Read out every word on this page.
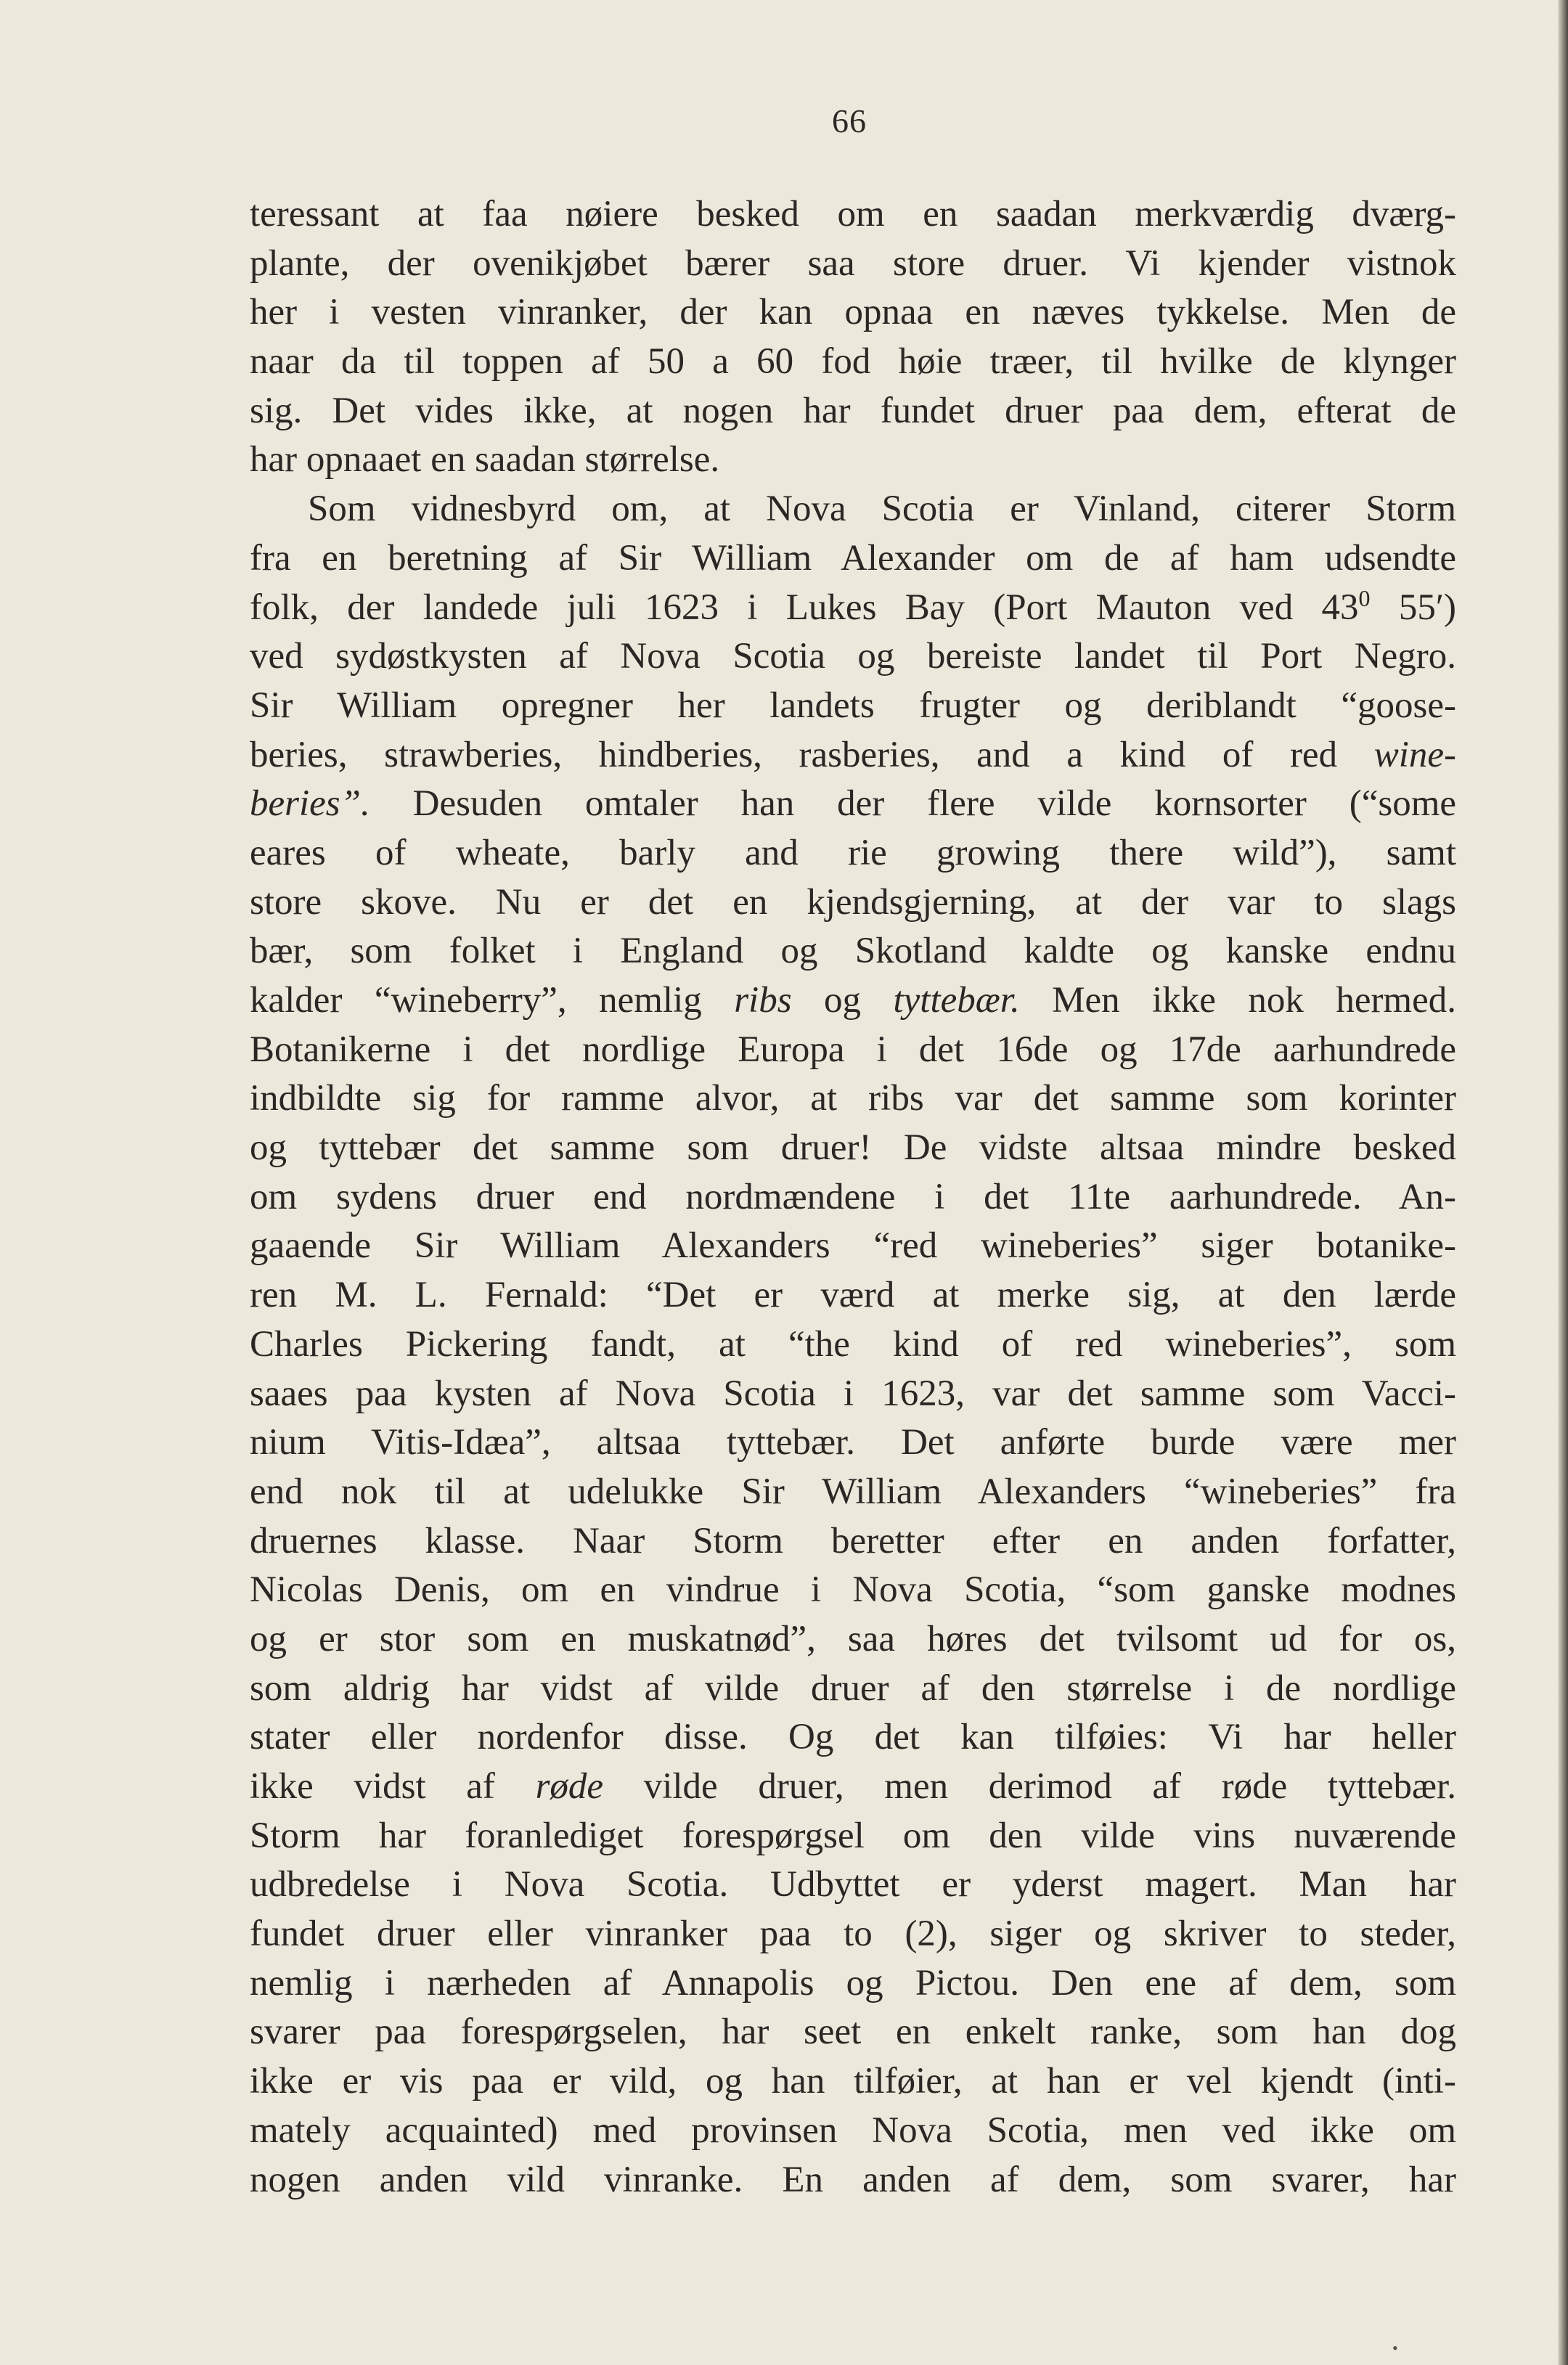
66
teressant at faa nøiere besked om en saadan merkværdig dværg-
plante, der ovenikjøbet bærer saa store druer. Vi kjender vistnok
her i vesten vinranker, der kan opnaa en næves tykkelse. Men de
naar da til toppen af 50 a 60 fod høie træer, til hvilke de klynger
sig. Det vides ikke, at nogen har fundet druer paa dem, efterat de
har opnaaet en saadan størrelse.
Som vidnesbyrd om, at Nova Scotia er Vinland, citerer Storm
fra en beretning af Sir William Alexander om de af ham udsendte
folk, der landede juli 1623 i Lukes Bay (Port Mauton ved $43^0$ 55′)
ved sydøstkysten af Nova Scotia og bereiste landet til Port Negro.
Sir William opregner her landets frugter og deriblandt “goose-
beries, strawberies, hindberies, rasberies, and a kind of red wine-
beries”. Desuden omtaler han der flere vilde kornsorter (“some
eares of wheate, barly and rie growing there wild”), samt
store skove. Nu er det en kjendsgjerning, at der var to slags
bær, som folket i England og Skotland kaldte og kanske endnu
kalder “wineberry”, nemlig ribs og tyttebær. Men ikke nok hermed.
Botanikerne i det nordlige Europa i det 16de og 17de aarhundrede
indbildte sig for ramme alvor, at ribs var det samme som korinter
og tyttebær det samme som druer! De vidste altsaa mindre besked
om sydens druer end nordmændene i det 11te aarhundrede. An-
gaaende Sir William Alexanders “red wineberies” siger botanike-
ren M. L. Fernald: “Det er værd at merke sig, at den lærde
Charles Pickering fandt, at “the kind of red wineberies”, som
saaes paa kysten af Nova Scotia i 1623, var det samme som Vacci-
nium Vitis-Idæa”, altsaa tyttebær. Det anførte burde være mer
end nok til at udelukke Sir William Alexanders “wineberies” fra
druernes klasse. Naar Storm beretter efter en anden forfatter,
Nicolas Denis, om en vindrue i Nova Scotia, “som ganske modnes
og er stor som en muskatnød”, saa høres det tvilsomt ud for os,
som aldrig har vidst af vilde druer af den størrelse i de nordlige
stater eller nordenfor disse. Og det kan tilføies: Vi har heller
ikke vidst af røde vilde druer, men derimod af røde tyttebær.
Storm har foranlediget forespørgsel om den vilde vins nuværende
udbredelse i Nova Scotia. Udbyttet er yderst magert. Man har
fundet druer eller vinranker paa to (2), siger og skriver to steder,
nemlig i nærheden af Annapolis og Pictou. Den ene af dem, som
svarer paa forespørgselen, har seet en enkelt ranke, som han dog
ikke er vis paa er vild, og han tilføier, at han er vel kjendt (inti-
mately acquainted) med provinsen Nova Scotia, men ved ikke om
nogen anden vild vinranke. En anden af dem, som svarer, har
•
